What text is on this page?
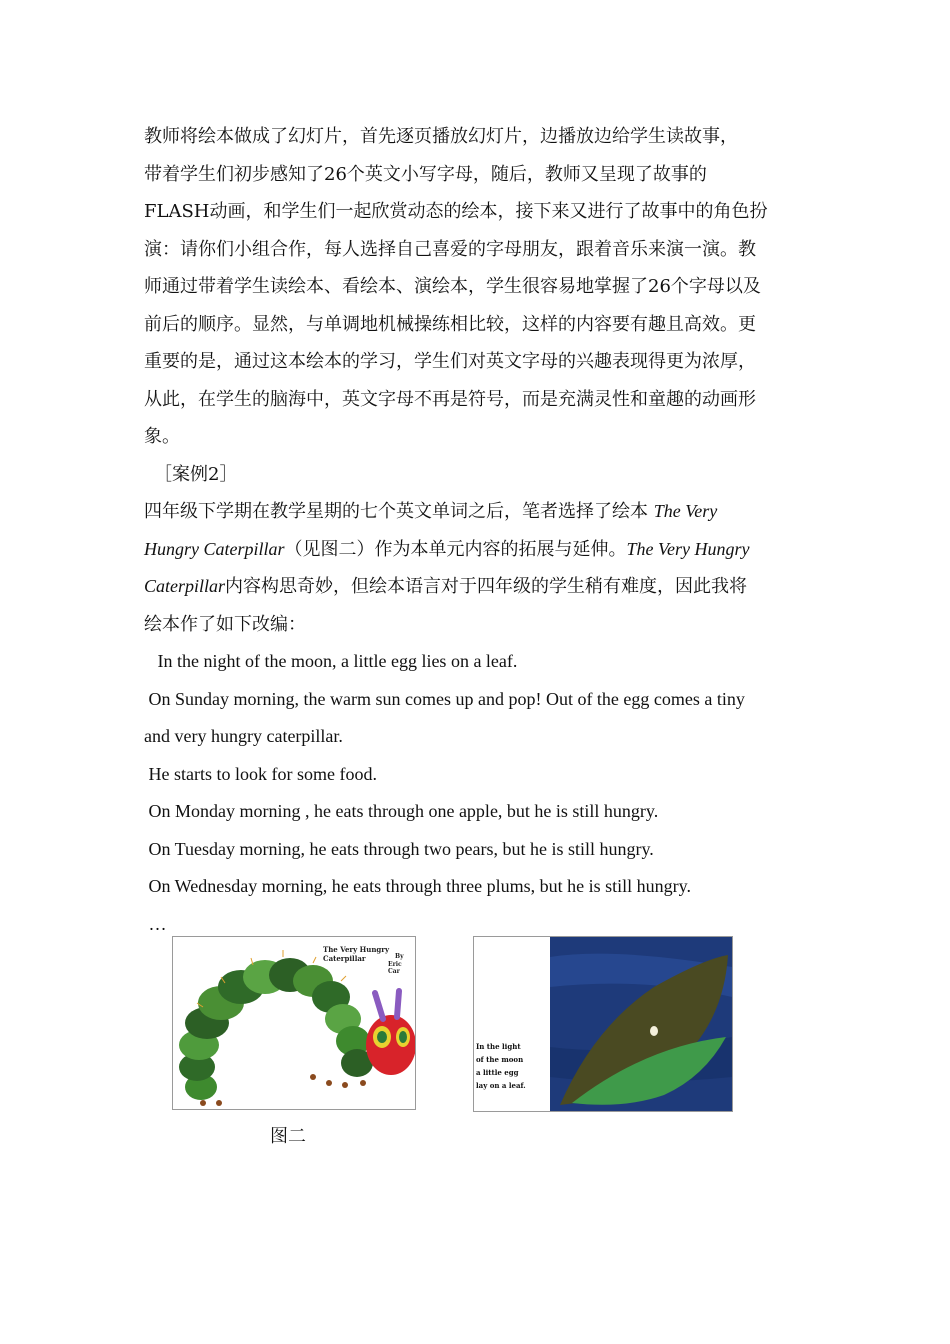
教师将绘本做成了幻灯片，首先逐页播放幻灯片，边播放边给学生读故事，

带着学生们初步感知了26个英文小写字母，随后，教师又呈现了故事的

FLASH动画，和学生们一起欣赏动态的绘本，接下来又进行了故事中的角色扮

演：请你们小组合作，每人选择自己喜爱的字母朋友，跟着音乐来演一演。教

师通过带着学生读绘本、看绘本、演绘本，学生很容易地掌握了26个字母以及

前后的顺序。显然，与单调地机械操练相比较，这样的内容要有趣且高效。更

重要的是，通过这本绘本的学习，学生们对英文字母的兴趣表现得更为浓厚，

从此，在学生的脑海中，英文字母不再是符号，而是充满灵性和童趣的动画形

象。

［案例2］

四年级下学期在教学星期的七个英文单词之后，笔者选择了绘本 The Very

Hungry Caterpillar（见图二）作为本单元内容的拓展与延伸。The Very Hungry

Caterpillar内容构思奇妙，但绘本语言对于四年级的学生稍有难度，因此我将

绘本作了如下改编：

In the night of the moon, a little egg lies on a leaf.

On Sunday morning, the warm sun comes up and pop! Out of the egg comes a tiny

and very hungry caterpillar.

He starts to look for some food.

On Monday morning , he eats through one apple, but he is still hungry.

On Tuesday morning, he eats through two pears, but he is still hungry.

On Wednesday morning, he eats through three plums, but he is still hungry.

…

The Very Hungry Caterpillar	By
Eric Car
In the light
of the moon
a little egg
lay on a leaf.
图二
